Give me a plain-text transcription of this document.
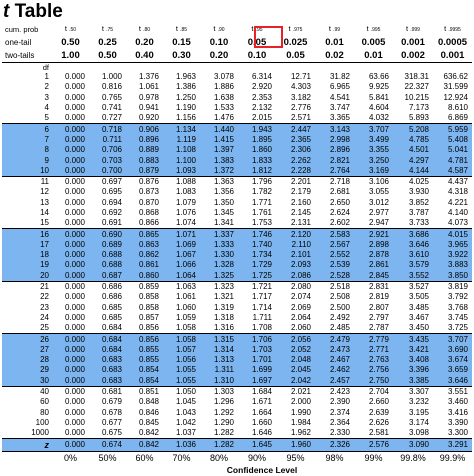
t Table
cum. prob	t .50	t .75	t .80	t .85	t .90	t .95	t .975	t .99	t .995	t .999	t .9995
one-tail	0.50	0.25	0.20	0.15	0.10	0.05	0.025	0.01	0.005	0.001	0.0005
two-tails	1.00	0.50	0.40	0.30	0.20	0.10	0.05	0.02	0.01	0.002	0.001
df											
1	0.000	1.000	1.376	1.963	3.078	6.314	12.71	31.82	63.66	318.31	636.62
2	0.000	0.816	1.061	1.386	1.886	2.920	4.303	6.965	9.925	22.327	31.599
3	0.000	0.765	0.978	1.250	1.638	2.353	3.182	4.541	5.841	10.215	12.924
4	0.000	0.741	0.941	1.190	1.533	2.132	2.776	3.747	4.604	7.173	8.610
5	0.000	0.727	0.920	1.156	1.476	2.015	2.571	3.365	4.032	5.893	6.869
6	0.000	0.718	0.906	1.134	1.440	1.943	2.447	3.143	3.707	5.208	5.959
7	0.000	0.711	0.896	1.119	1.415	1.895	2.365	2.998	3.499	4.785	5.408
8	0.000	0.706	0.889	1.108	1.397	1.860	2.306	2.896	3.355	4.501	5.041
9	0.000	0.703	0.883	1.100	1.383	1.833	2.262	2.821	3.250	4.297	4.781
10	0.000	0.700	0.879	1.093	1.372	1.812	2.228	2.764	3.169	4.144	4.587
11	0.000	0.697	0.876	1.088	1.363	1.796	2.201	2.718	3.106	4.025	4.437
12	0.000	0.695	0.873	1.083	1.356	1.782	2.179	2.681	3.055	3.930	4.318
13	0.000	0.694	0.870	1.079	1.350	1.771	2.160	2.650	3.012	3.852	4.221
14	0.000	0.692	0.868	1.076	1.345	1.761	2.145	2.624	2.977	3.787	4.140
15	0.000	0.691	0.866	1.074	1.341	1.753	2.131	2.602	2.947	3.733	4.073
16	0.000	0.690	0.865	1.071	1.337	1.746	2.120	2.583	2.921	3.686	4.015
17	0.000	0.689	0.863	1.069	1.333	1.740	2.110	2.567	2.898	3.646	3.965
18	0.000	0.688	0.862	1.067	1.330	1.734	2.101	2.552	2.878	3.610	3.922
19	0.000	0.688	0.861	1.066	1.328	1.729	2.093	2.539	2.861	3.579	3.883
20	0.000	0.687	0.860	1.064	1.325	1.725	2.086	2.528	2.845	3.552	3.850
21	0.000	0.686	0.859	1.063	1.323	1.721	2.080	2.518	2.831	3.527	3.819
22	0.000	0.686	0.858	1.061	1.321	1.717	2.074	2.508	2.819	3.505	3.792
23	0.000	0.685	0.858	1.060	1.319	1.714	2.069	2.500	2.807	3.485	3.768
24	0.000	0.685	0.857	1.059	1.318	1.711	2.064	2.492	2.797	3.467	3.745
25	0.000	0.684	0.856	1.058	1.316	1.708	2.060	2.485	2.787	3.450	3.725
26	0.000	0.684	0.856	1.058	1.315	1.706	2.056	2.479	2.779	3.435	3.707
27	0.000	0.684	0.855	1.057	1.314	1.703	2.052	2.473	2.771	3.421	3.690
28	0.000	0.683	0.855	1.056	1.313	1.701	2.048	2.467	2.763	3.408	3.674
29	0.000	0.683	0.854	1.055	1.311	1.699	2.045	2.462	2.756	3.396	3.659
30	0.000	0.683	0.854	1.055	1.310	1.697	2.042	2.457	2.750	3.385	3.646
40	0.000	0.681	0.851	1.050	1.303	1.684	2.021	2.423	2.704	3.307	3.551
60	0.000	0.679	0.848	1.045	1.296	1.671	2.000	2.390	2.660	3.232	3.460
80	0.000	0.678	0.846	1.043	1.292	1.664	1.990	2.374	2.639	3.195	3.416
100	0.000	0.677	0.845	1.042	1.290	1.660	1.984	2.364	2.626	3.174	3.390
1000	0.000	0.675	0.842	1.037	1.282	1.646	1.962	2.330	2.581	3.098	3.300
z	0.000	0.674	0.842	1.036	1.282	1.645	1.960	2.326	2.576	3.090	3.291
	0%	50%	60%	70%	80%	90%	95%	98%	99%	99.8%	99.9%
	Confidence Level										
